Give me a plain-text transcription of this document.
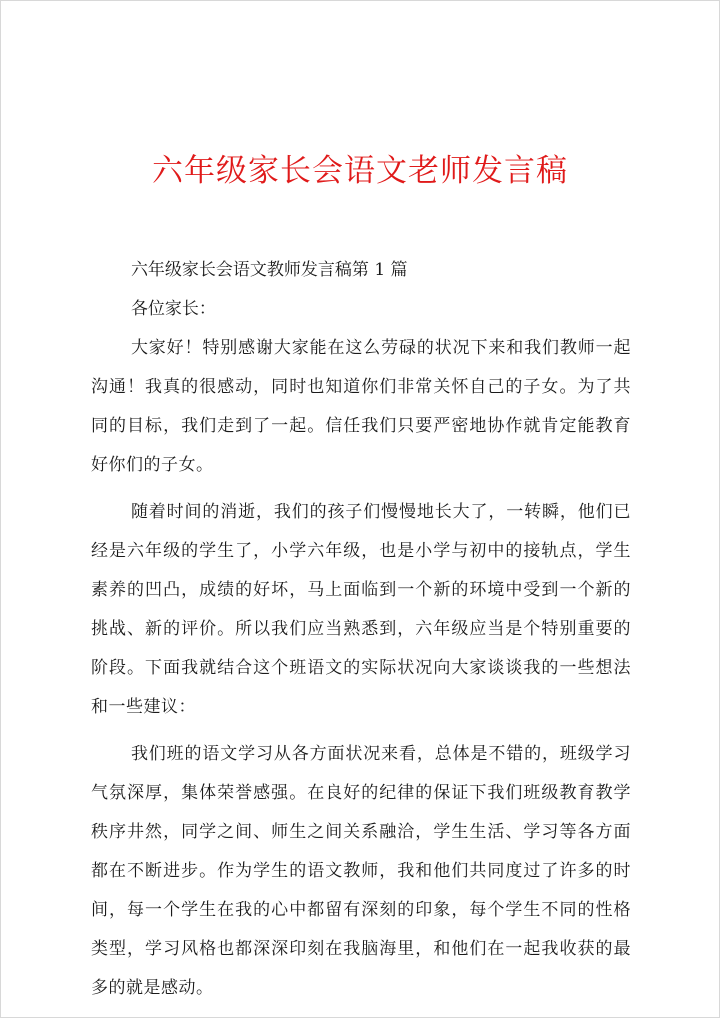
六年级家长会语文老师发言稿

六年级家长会语文教师发言稿第 1 篇

各位家长：

大家好！特别感谢大家能在这么劳碌的状况下来和我们教师一起沟通！我真的很感动，同时也知道你们非常关怀自己的子女。为了共同的目标，我们走到了一起。信任我们只要严密地协作就肯定能教育好你们的子女。

随着时间的消逝，我们的孩子们慢慢地长大了，一转瞬，他们已经是六年级的学生了，小学六年级，也是小学与初中的接轨点，学生素养的凹凸，成绩的好坏，马上面临到一个新的环境中受到一个新的挑战、新的评价。所以我们应当熟悉到，六年级应当是个特别重要的阶段。下面我就结合这个班语文的实际状况向大家谈谈我的一些想法和一些建议：

我们班的语文学习从各方面状况来看，总体是不错的，班级学习气氛深厚，集体荣誉感强。在良好的纪律的保证下我们班级教育教学秩序井然，同学之间、师生之间关系融洽，学生生活、学习等各方面都在不断进步。作为学生的语文教师，我和他们共同度过了许多的时间，每一个学生在我的心中都留有深刻的印象，每个学生不同的性格类型，学习风格也都深深印刻在我脑海里，和他们在一起我收获的最多的就是感动。
